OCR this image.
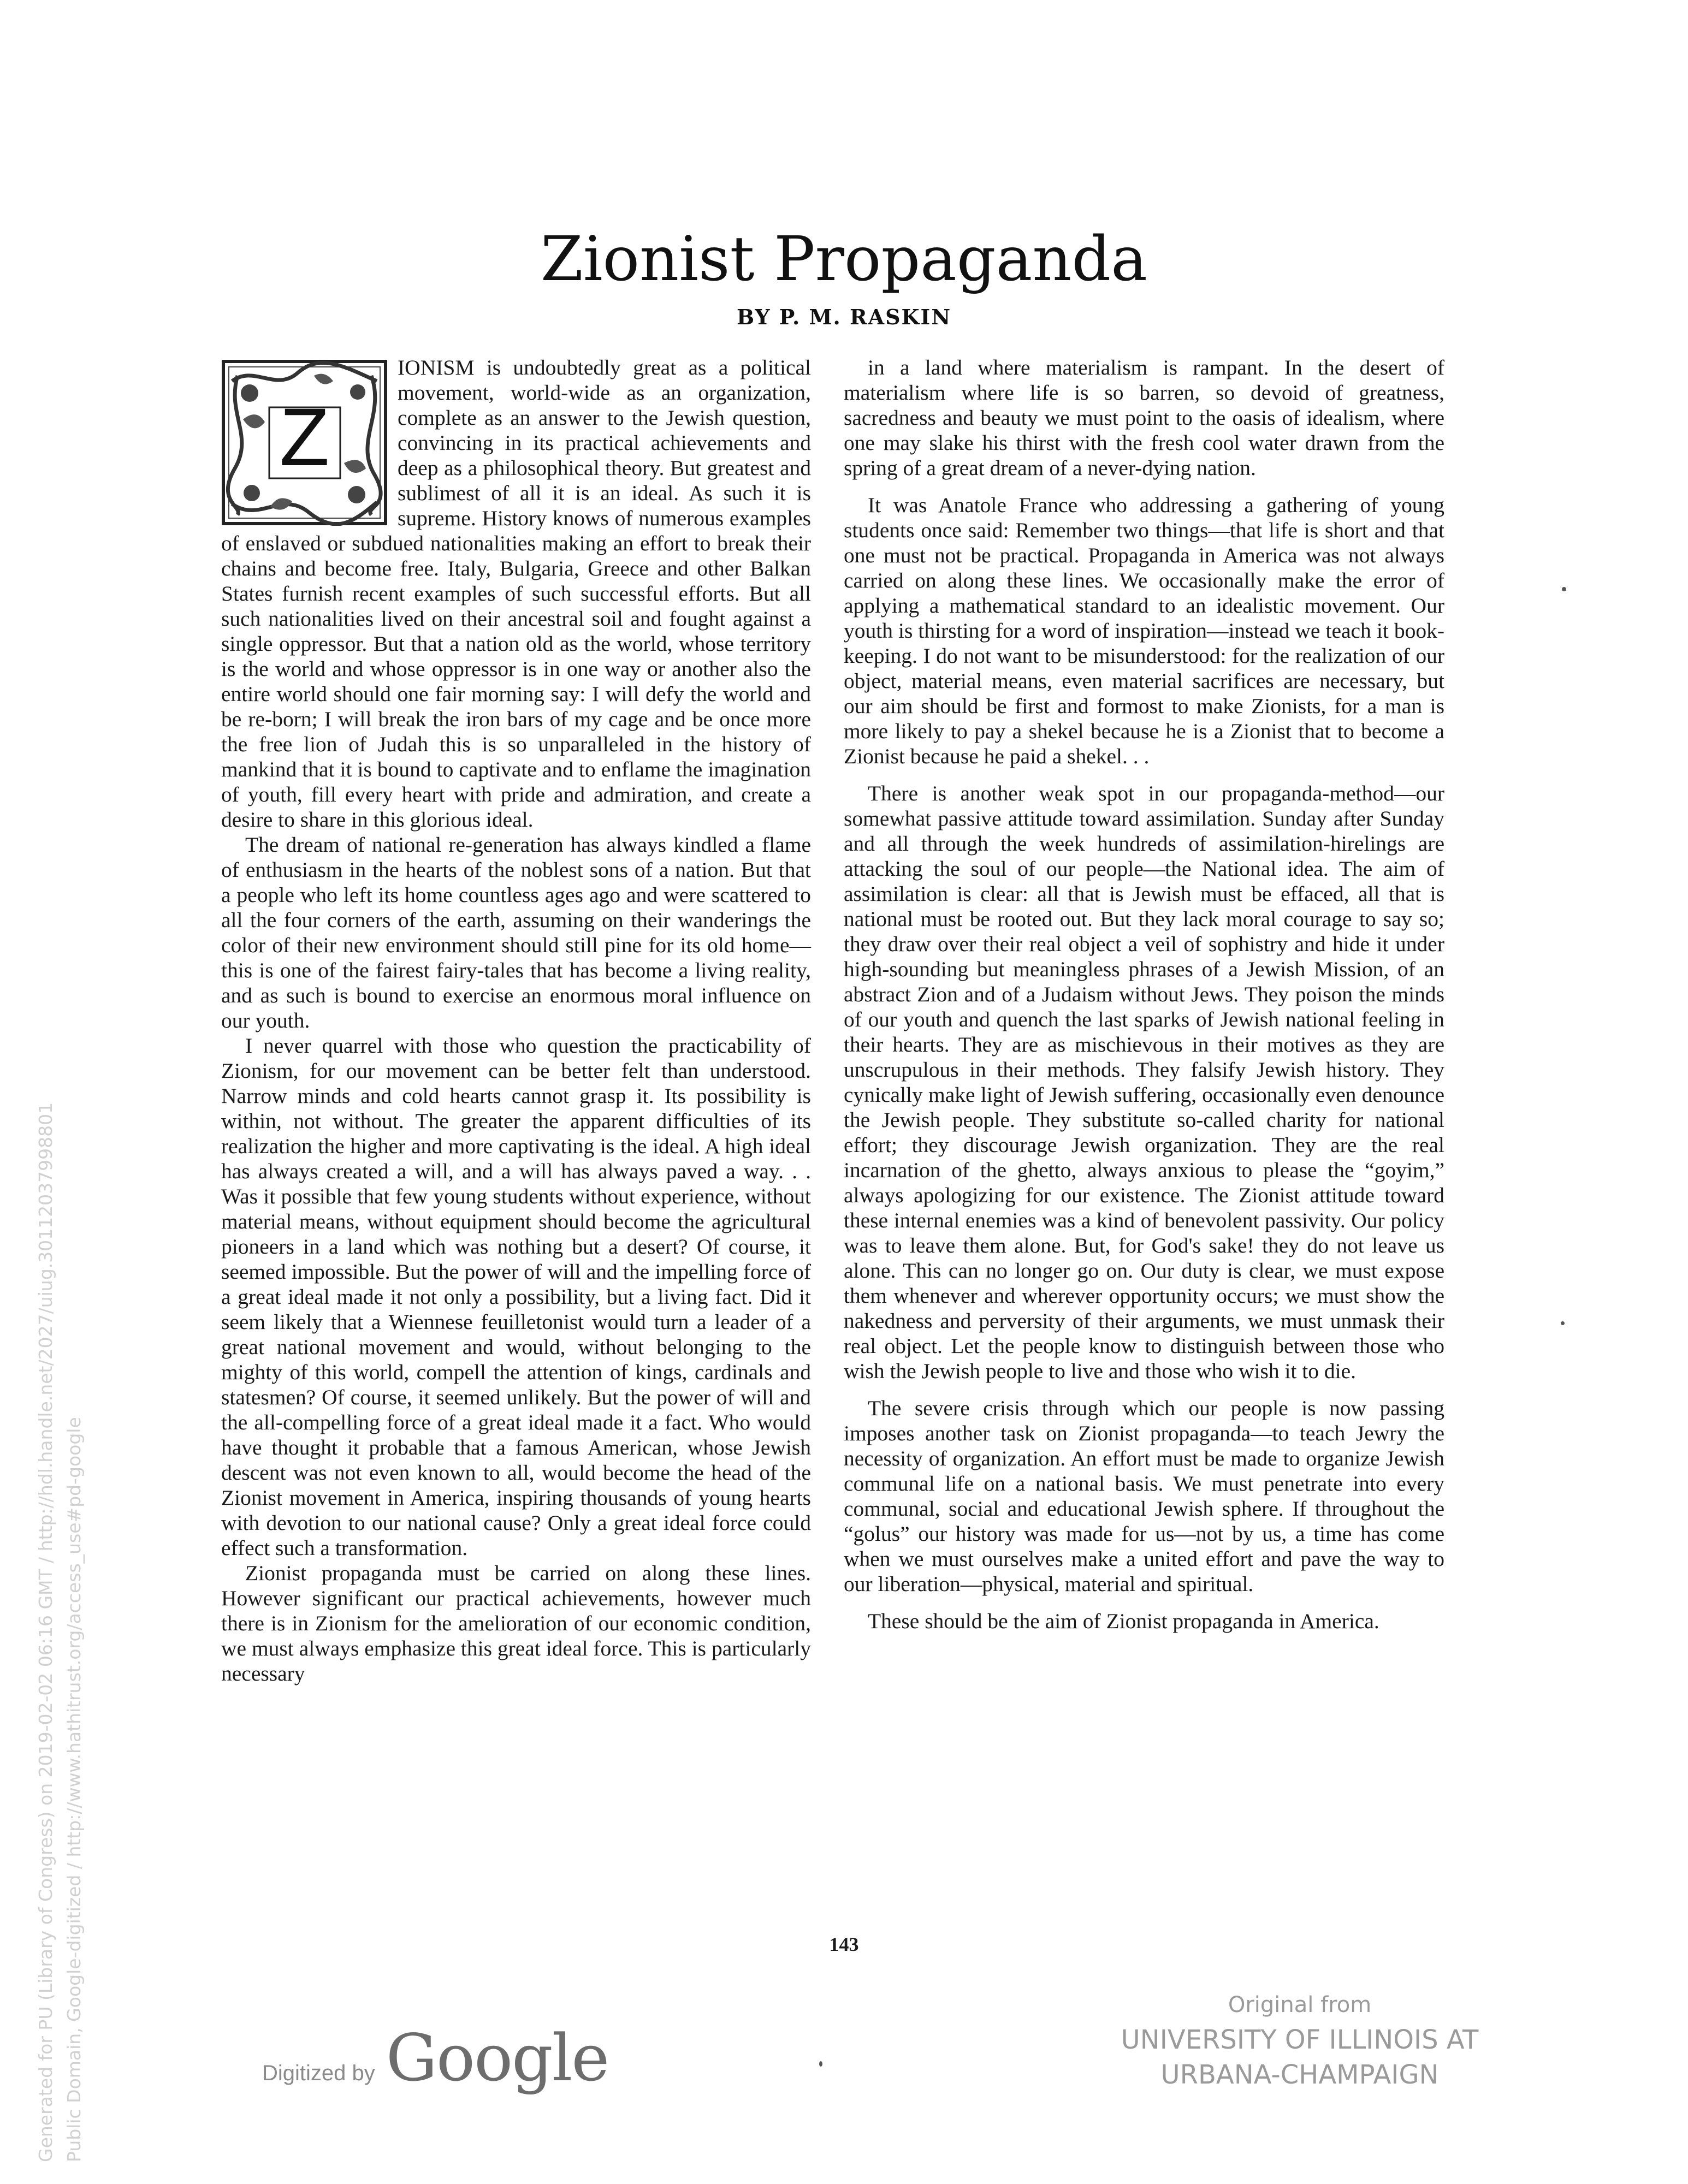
Zionist Propaganda
BY P. M. RASKIN
Z

IONISM is undoubtedly great as a political movement, world-wide as an organization, complete as an answer to the Jewish question, convincing in its practical achievements and deep as a philosophical theory. But greatest and sublimest of all it is an ideal. As such it is supreme. History knows of numerous examples of enslaved or subdued nationalities making an effort to break their chains and become free. Italy, Bulgaria, Greece and other Balkan States furnish recent examples of such successful efforts. But all such nationalities lived on their ancestral soil and fought against a single oppressor. But that a nation old as the world, whose territory is the world and whose oppressor is in one way or another also the entire world should one fair morning say: I will defy the world and be re-born; I will break the iron bars of my cage and be once more the free lion of Judah this is so unparalleled in the history of mankind that it is bound to captivate and to enflame the imagination of youth, fill every heart with pride and admiration, and create a desire to share in this glorious ideal.

The dream of national re-generation has always kindled a flame of enthusiasm in the hearts of the noblest sons of a nation. But that a people who left its home countless ages ago and were scattered to all the four corners of the earth, assuming on their wanderings the color of their new environment should still pine for its old home—this is one of the fairest fairy-tales that has become a living reality, and as such is bound to exercise an enormous moral influence on our youth.

I never quarrel with those who question the practicability of Zionism, for our movement can be better felt than understood. Narrow minds and cold hearts cannot grasp it. Its possibility is within, not without. The greater the apparent difficulties of its realization the higher and more captivating is the ideal. A high ideal has always created a will, and a will has always paved a way. . . Was it possible that few young students without experience, without material means, without equipment should become the agricultural pioneers in a land which was nothing but a desert? Of course, it seemed impossible. But the power of will and the impelling force of a great ideal made it not only a possibility, but a living fact. Did it seem likely that a Wiennese feuilletonist would turn a leader of a great national movement and would, without belonging to the mighty of this world, compell the attention of kings, cardinals and statesmen? Of course, it seemed unlikely. But the power of will and the all-compelling force of a great ideal made it a fact. Who would have thought it probable that a famous American, whose Jewish descent was not even known to all, would become the head of the Zionist movement in America, inspiring thousands of young hearts with devotion to our national cause? Only a great ideal force could effect such a transformation.

Zionist propaganda must be carried on along these lines. However significant our practical achievements, however much there is in Zionism for the amelioration of our economic condition, we must always emphasize this great ideal force. This is particularly necessary

in a land where materialism is rampant. In the desert of materialism where life is so barren, so devoid of greatness, sacredness and beauty we must point to the oasis of idealism, where one may slake his thirst with the fresh cool water drawn from the spring of a great dream of a never-dying nation.

It was Anatole France who addressing a gathering of young students once said: Remember two things—that life is short and that one must not be practical. Propaganda in America was not always carried on along these lines. We occasionally make the error of applying a mathematical standard to an idealistic movement. Our youth is thirsting for a word of inspiration—instead we teach it book-keeping. I do not want to be misunderstood: for the realization of our object, material means, even material sacrifices are necessary, but our aim should be first and formost to make Zionists, for a man is more likely to pay a shekel because he is a Zionist that to become a Zionist because he paid a shekel. . .

There is another weak spot in our propaganda-method—our somewhat passive attitude toward assimilation. Sunday after Sunday and all through the week hundreds of assimilation-hirelings are attacking the soul of our people—the National idea. The aim of assimilation is clear: all that is Jewish must be effaced, all that is national must be rooted out. But they lack moral courage to say so; they draw over their real object a veil of sophistry and hide it under high-sounding but meaningless phrases of a Jewish Mission, of an abstract Zion and of a Judaism without Jews. They poison the minds of our youth and quench the last sparks of Jewish national feeling in their hearts. They are as mischievous in their motives as they are unscrupulous in their methods. They falsify Jewish history. They cynically make light of Jewish suffering, occasionally even denounce the Jewish people. They substitute so-called charity for national effort; they discourage Jewish organization. They are the real incarnation of the ghetto, always anxious to please the “goyim,” always apologizing for our existence. The Zionist attitude toward these internal enemies was a kind of benevolent passivity. Our policy was to leave them alone. But, for God's sake! they do not leave us alone. This can no longer go on. Our duty is clear, we must expose them whenever and wherever opportunity occurs; we must show the nakedness and perversity of their arguments, we must unmask their real object. Let the people know to distinguish between those who wish the Jewish people to live and those who wish it to die.

The severe crisis through which our people is now passing imposes another task on Zionist propaganda—to teach Jewry the necessity of organization. An effort must be made to organize Jewish communal life on a national basis. We must penetrate into every communal, social and educational Jewish sphere. If throughout the “golus” our history was made for us—not by us, a time has come when we must ourselves make a united effort and pave the way to our liberation—physical, material and spiritual.

These should be the aim of Zionist propaganda in America.

143
Digitized by Google
Original from
UNIVERSITY OF ILLINOIS AT
URBANA-CHAMPAIGN
Generated for PU (Library of Congress) on 2019-02-02 06:16 GMT / http://hdl.handle.net/2027/uiug.30112037998801 Public Domain, Google-digitized / http://www.hathitrust.org/access_use#pd-google
